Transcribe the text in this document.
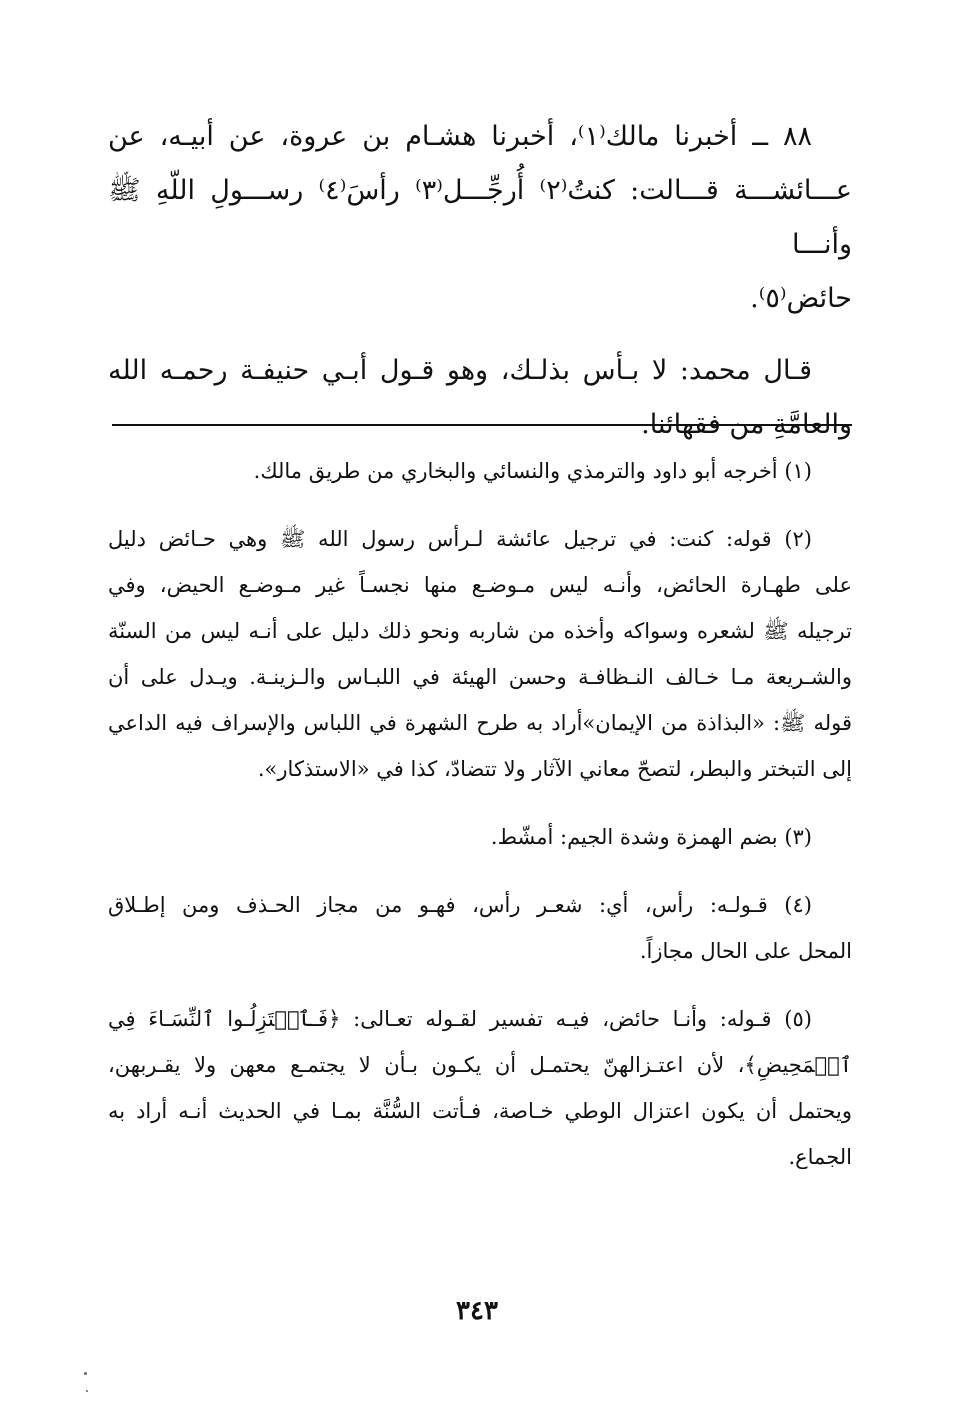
٨٨ ــ أخبرنا مالك⁽١⁾، أخبرنا هشـام بن عروة، عن أبيـه، عن

عـــائشـــة قـــالت: كنتُ⁽٢⁾ أُرجِّـــل⁽٣⁾ رأسَ⁽٤⁾ رســـولِ اللّهِ ﷺ وأنـــا

حائض⁽٥⁾.

قـال محمد: لا بـأس بذلـك، وهو قـول أبـي حنيفـة رحمـه الله

والعامَّةِ من فقهائنا.

(١) أخرجه أبو داود والترمذي والنسائي والبخاري من طريق مالك.
(٢) قوله: كنت: في ترجيل عائشة لـرأس رسول الله ﷺ وهي حـائض دليل
على طهـارة الحائض، وأنـه ليس مـوضـع منها نجسـاً غير مـوضـع الحيض، وفي
ترجيله ﷺ لشعره وسواكه وأخذه من شاربه ونحو ذلك دليل على أنـه ليس من السنّة
والشـريعة مـا خـالف النـظافـة وحسن الهيئة في اللبـاس والـزينـة. ويـدل على أن
قوله ﷺ: «البذاذة من الإيمان»أراد به طرح الشهرة في اللباس والإسراف فيه الداعي
إلى التبختر والبطر، لتصحّ معاني الآثار ولا تتضادّ، كذا في «الاستذكار».
(٣) بضم الهمزة وشدة الجيم: أمشّط.
(٤) قـولـه: رأس، أي: شعـر رأس، فهـو من مجاز الحـذف ومن إطـلاق
المحل على الحال مجازاً.
(٥) قـوله: وأنـا حائض، فيـه تفسير لقـوله تعـالى: ﴿فَـٱعۡتَزِلُـوا ٱلنِّسَـاءَ فِي
ٱلۡمَحِيضِ﴾، لأن اعتـزالهنّ يحتمـل أن يكـون بـأن لا يجتمـع معهن ولا يقـربهن،
ويحتمل أن يكون اعتزال الوطي خـاصة، فـأتت السُّنَّة بمـا في الحديث أنـه أراد به
الجماع.
٣٤٣
